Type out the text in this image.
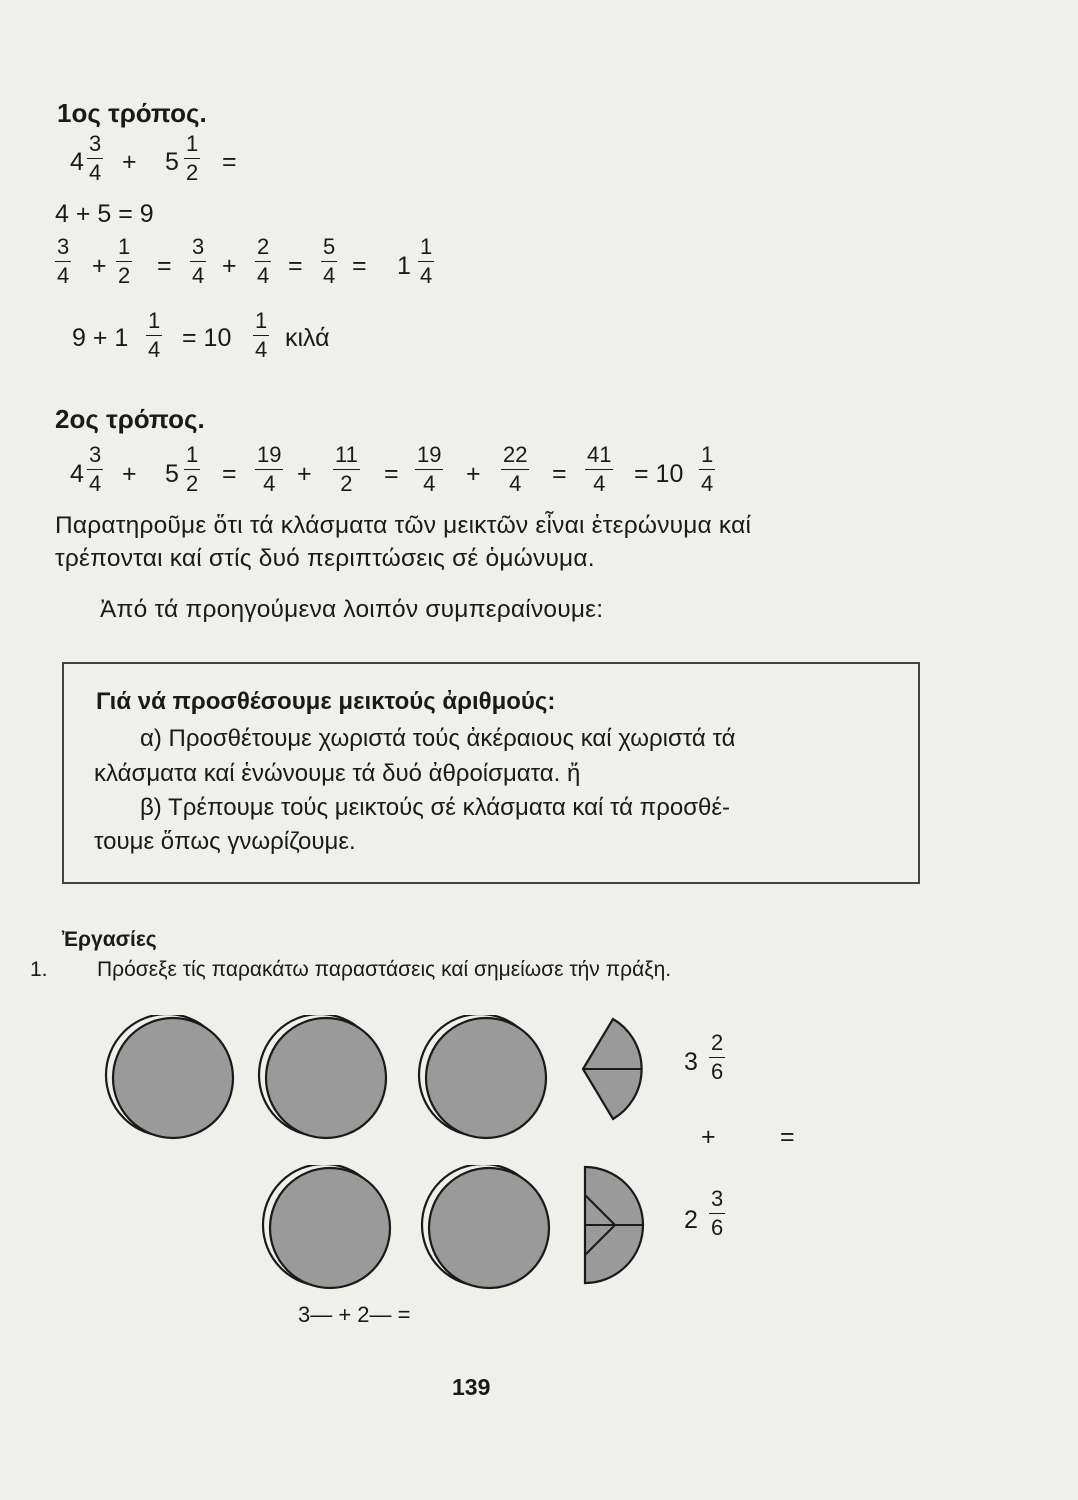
1ος τρόπος.
$4 \frac{3}{4} + 5 \frac{1}{2}$ =
4 + 5 = 9
$\frac{3}{4} + \frac{1}{2} = \frac{3}{4} + \frac{2}{4} = \frac{5}{4} = 1 \frac{1}{4}$
$9 + 1 \frac{1}{4} = 10 \frac{1}{4}$ κιλά
2ος τρόπος.
$4 \frac{3}{4} + 5 \frac{1}{2} = \frac{19}{4} + \frac{11}{2} = \frac{19}{4} + \frac{22}{4} = \frac{41}{4} = 10 \frac{1}{4}$
Παρατηροῦμε ὅτι τά κλάσματα τῶν μεικτῶν εἶναι ἑτερώνυμα καί
τρέπονται καί στίς δυό περιπτώσεις σέ ὁμώνυμα.
Ἀπό τά προηγούμενα λοιπόν συμπεραίνουμε:
Γιά νά προσθέσουμε μεικτούς ἀριθμούς:
α) Προσθέτουμε χωριστά τούς ἀκέραιους καί χωριστά τά
κλάσματα καί ἑνώνουμε τά δυό ἀθροίσματα. ἤ
β) Τρέπουμε τούς μεικτούς σέ κλάσματα καί τά προσθέ-
τουμε ὅπως γνωρίζουμε.
Ἐργασίες
1. Πρόσεξε τίς παρακάτω παραστάσεις καί σημείωσε τήν πράξη.
$3 \frac{2}{6}$
+	=
$2 \frac{3}{6}$
3— + 2— =
139
